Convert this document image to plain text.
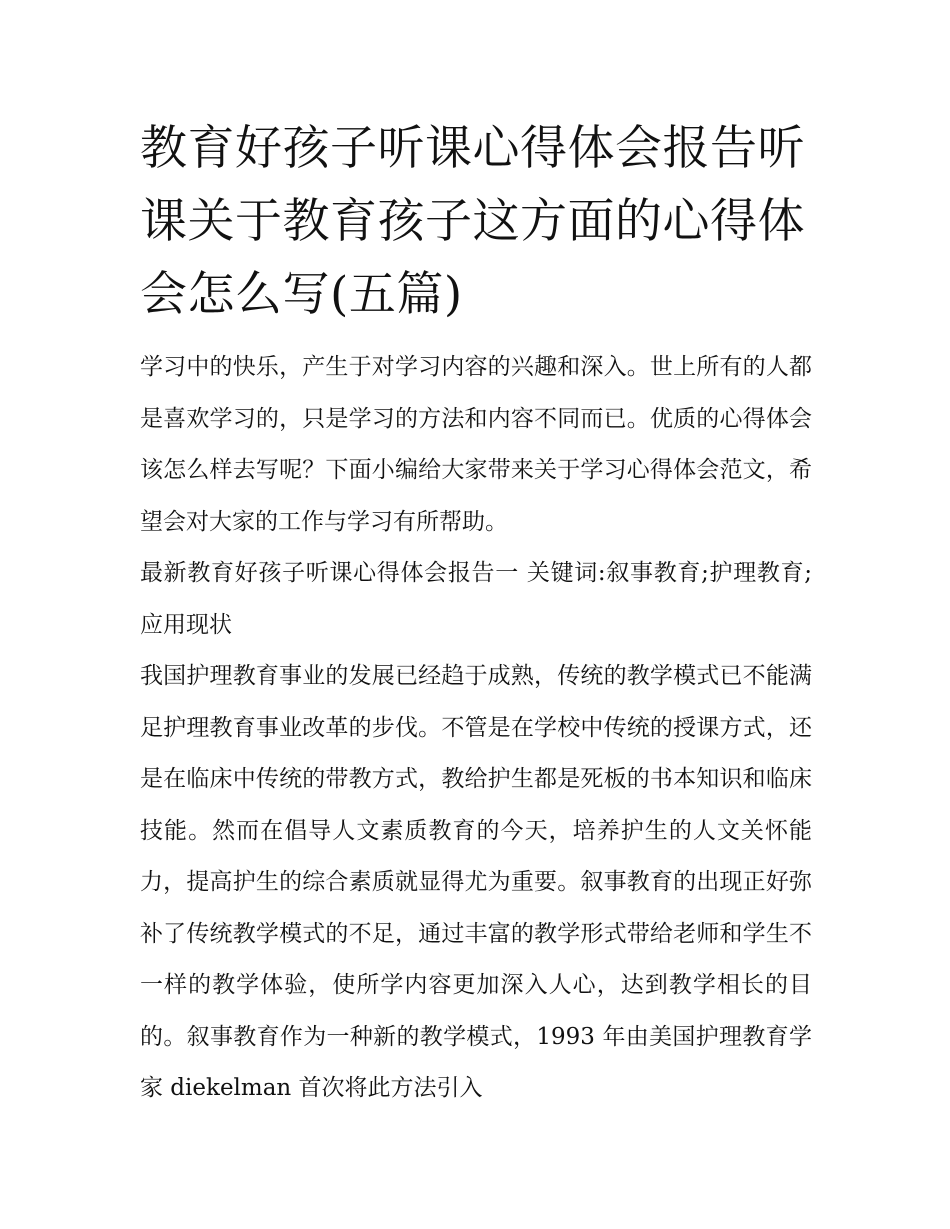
教育好孩子听课心得体会报告听课关于教育孩子这方面的心得体会怎么写(五篇)

学习中的快乐，产生于对学习内容的兴趣和深入。世上所有的人都是喜欢学习的，只是学习的方法和内容不同而已。优质的心得体会该怎么样去写呢？下面小编给大家带来关于学习心得体会范文，希望会对大家的工作与学习有所帮助。

最新教育好孩子听课心得体会报告一 关键词:叙事教育;护理教育;应用现状

我国护理教育事业的发展已经趋于成熟，传统的教学模式已不能满足护理教育事业改革的步伐。不管是在学校中传统的授课方式，还是在临床中传统的带教方式，教给护生都是死板的书本知识和临床技能。然而在倡导人文素质教育的今天，培养护生的人文关怀能力，提高护生的综合素质就显得尤为重要。叙事教育的出现正好弥补了传统教学模式的不足，通过丰富的教学形式带给老师和学生不一样的教学体验，使所学内容更加深入人心，达到教学相长的目的。叙事教育作为一种新的教学模式，1993 年由美国护理教育学家 diekelman 首次将此方法引入
